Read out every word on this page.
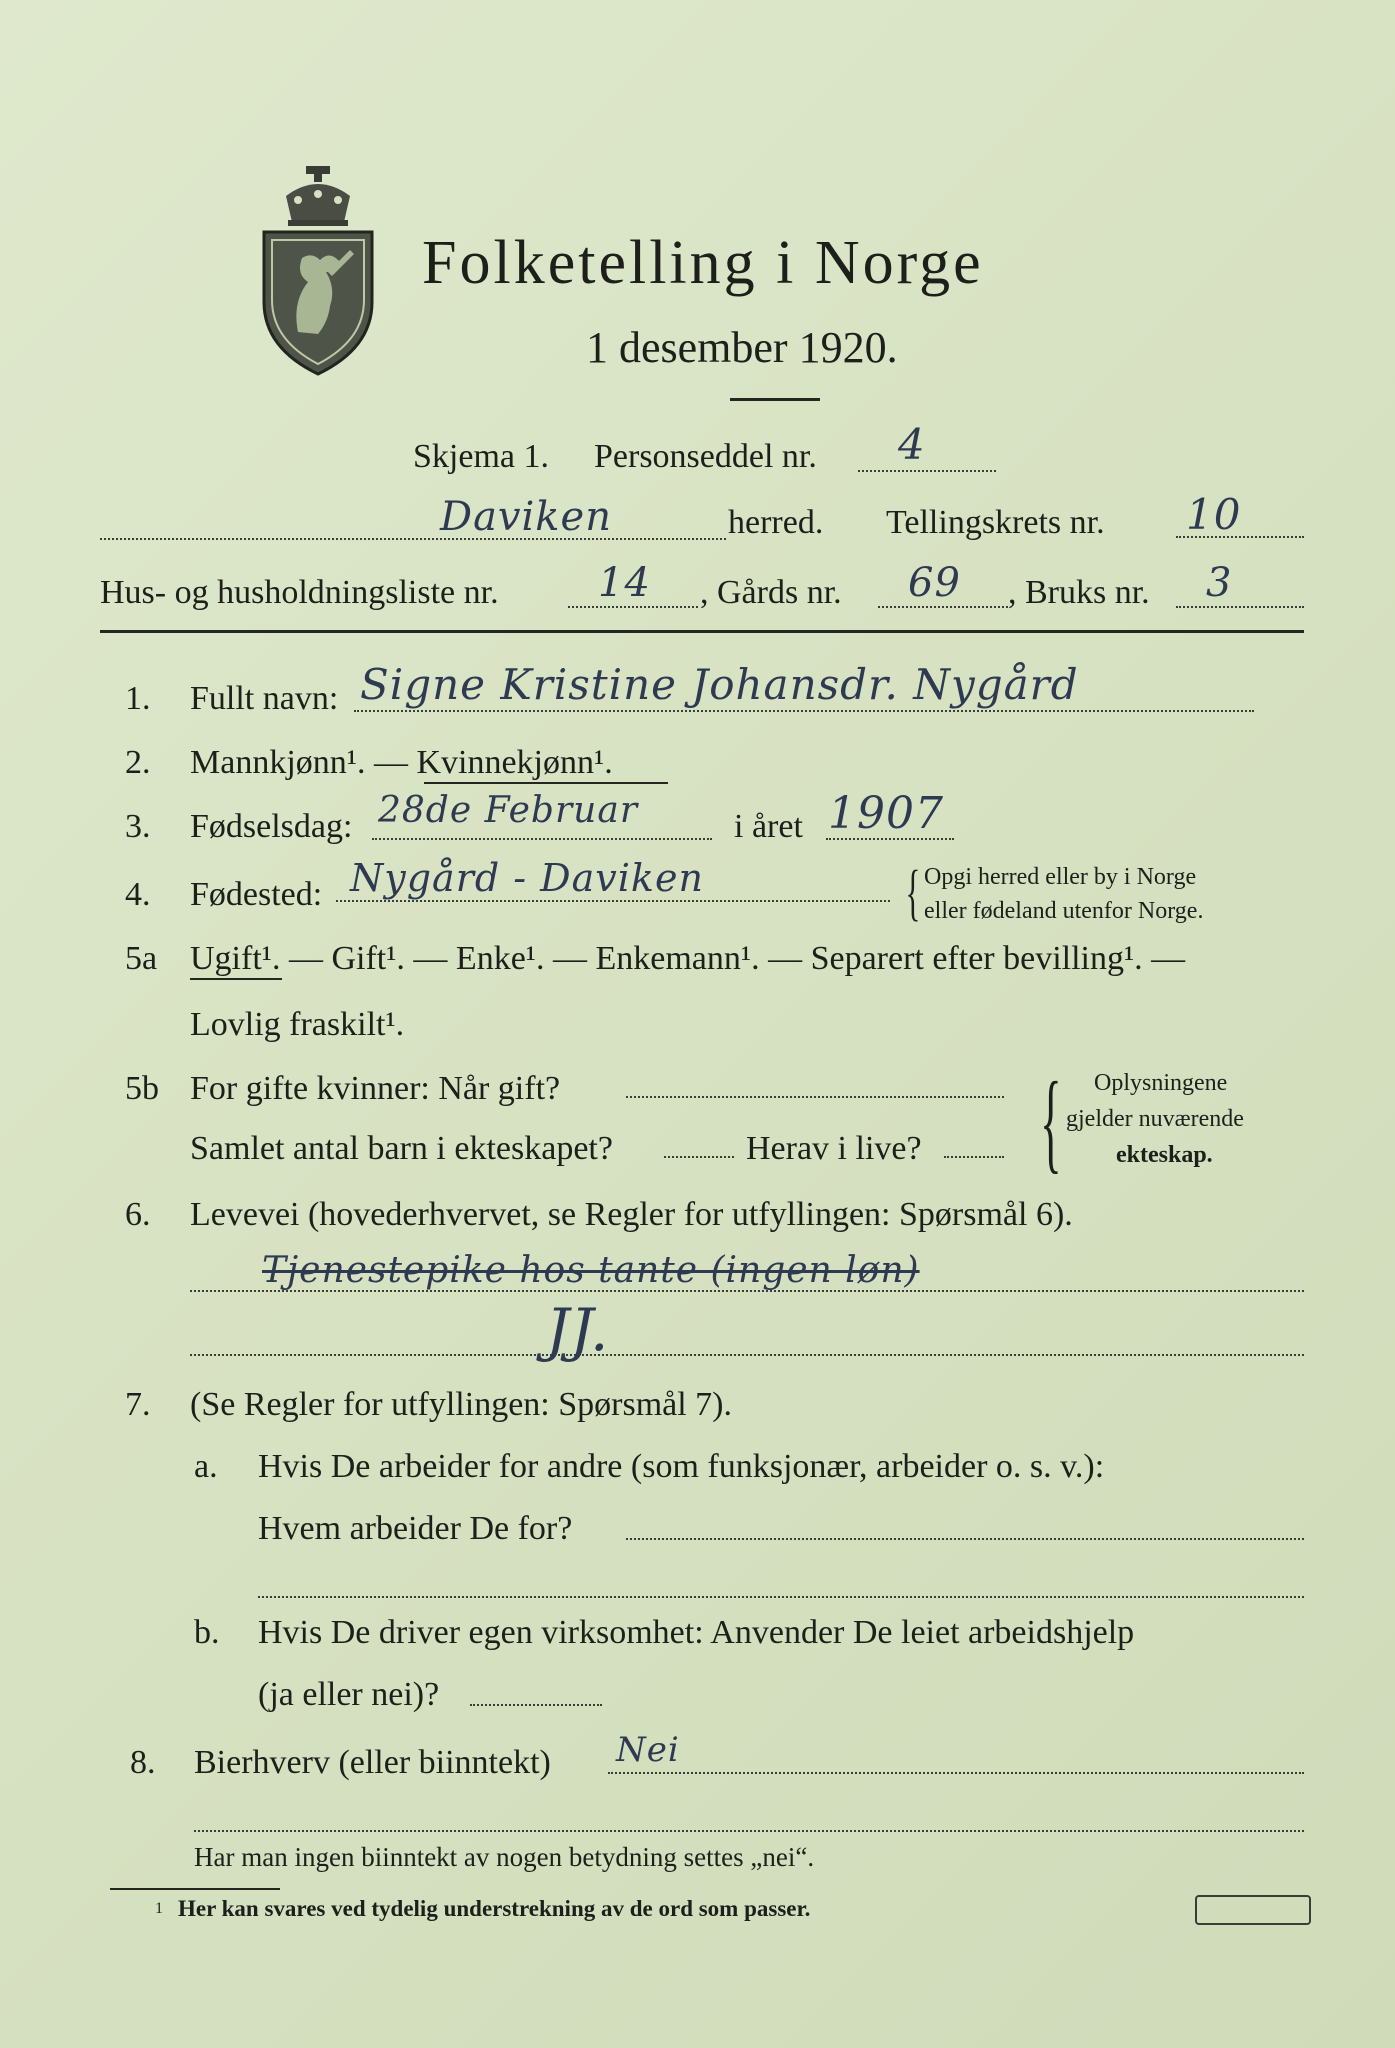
Folketelling i Norge
1 desember 1920.
Skjema 1. Personseddel nr. 4
Daviken	herred. Tellingskrets nr. 10
Hus- og husholdningsliste nr. 14 , Gårds nr. 69 , Bruks nr. 3
1. Fullt navn: Signe Kristine Johansdr. Nygård
2. Mannkjønn¹. — Kvinnekjønn¹.
3. Fødselsdag: 28de Februar	i året 1907
4. Fødested: Nygård - Daviken	{ Opgi herred eller by i Norge
eller fødeland utenfor Norge.
5a Ugift¹. — Gift¹. — Enke¹. — Enkemann¹. — Separert efter bevilling¹. —
Lovlig fraskilt¹.
5b For gifte kvinner: Når gift?
Samlet antal barn i ekteskapet?	Herav i live? { Oplysningene
gjelder nuværende
ekteskap.
6. Levevei (hovederhvervet, se Regler for utfyllingen: Spørsmål 6).
Tjenestepike hos tante (ingen løn)
JJ.
7. (Se Regler for utfyllingen: Spørsmål 7).
a. Hvis De arbeider for andre (som funksjonær, arbeider o. s. v.):
Hvem arbeider De for?
b. Hvis De driver egen virksomhet: Anvender De leiet arbeidshjelp
(ja eller nei)?
8. Bierhverv (eller biinntekt) Nei
Har man ingen biinntekt av nogen betydning settes „nei“.
1 Her kan svares ved tydelig understrekning av de ord som passer.
